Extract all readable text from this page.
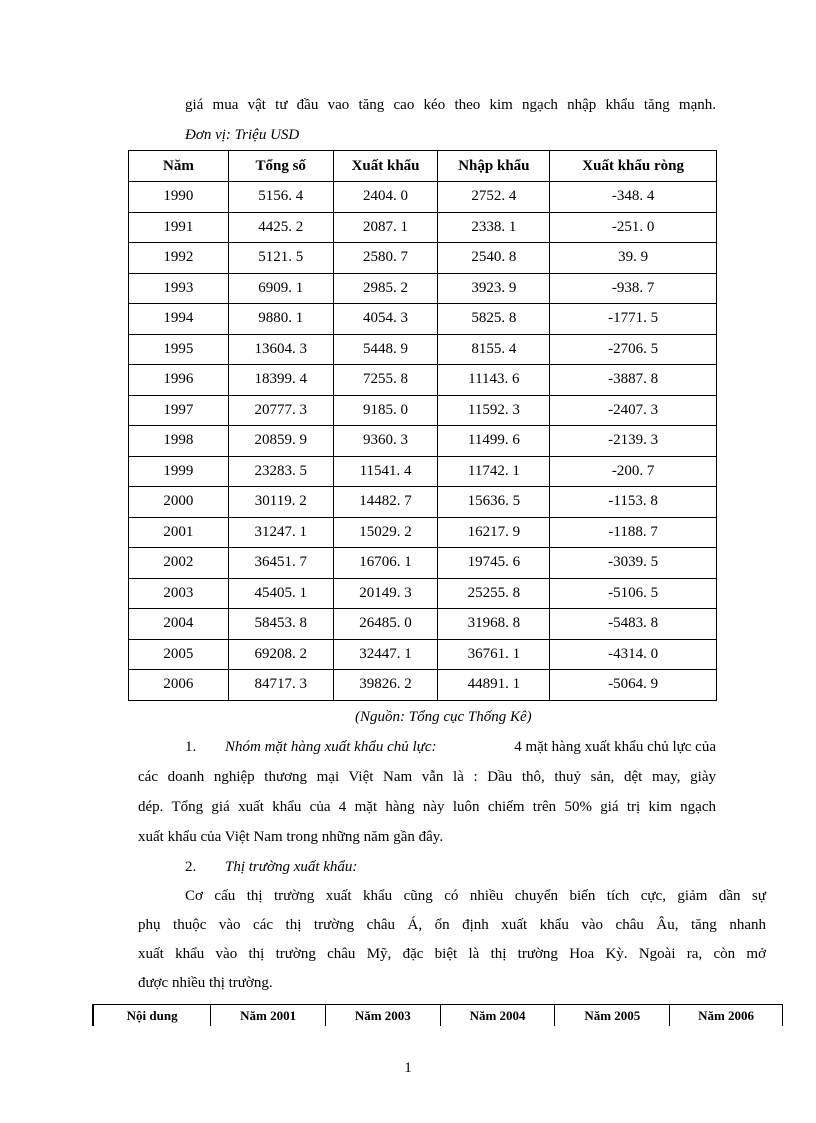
giá mua vật tư đầu vao tăng cao kéo theo kim ngạch nhập khẩu tăng mạnh.
Đơn vị: Triệu USD
Năm	Tổng số	Xuất khẩu	Nhập khẩu	Xuất khẩu ròng
1990	5156. 4	2404. 0	2752. 4	-348. 4
1991	4425. 2	2087. 1	2338. 1	-251. 0
1992	5121. 5	2580. 7	2540. 8	39. 9
1993	6909. 1	2985. 2	3923. 9	-938. 7
1994	9880. 1	4054. 3	5825. 8	-1771. 5
1995	13604. 3	5448. 9	8155. 4	-2706. 5
1996	18399. 4	7255. 8	11143. 6	-3887. 8
1997	20777. 3	9185. 0	11592. 3	-2407. 3
1998	20859. 9	9360. 3	11499. 6	-2139. 3
1999	23283. 5	11541. 4	11742. 1	-200. 7
2000	30119. 2	14482. 7	15636. 5	-1153. 8
2001	31247. 1	15029. 2	16217. 9	-1188. 7
2002	36451. 7	16706. 1	19745. 6	-3039. 5
2003	45405. 1	20149. 3	25255. 8	-5106. 5
2004	58453. 8	26485. 0	31968. 8	-5483. 8
2005	69208. 2	32447. 1	36761. 1	-4314. 0
2006	84717. 3	39826. 2	44891. 1	-5064. 9
(Nguồn: Tổng cục Thống Kê)
1. Nhóm mặt hàng xuất khẩu chủ lực:	4 mặt hàng xuất khẩu chủ lực của
các doanh nghiệp thương mại Việt Nam vẫn là : Dầu thô, thuỷ sản, dệt may, giày
dép. Tổng giá xuất khẩu của 4 mặt hàng này luôn chiếm trên 50% giá trị kim ngạch
xuất khẩu của Việt Nam trong những năm gần đây.
2. Thị trường xuất khẩu:
Cơ cấu thị trường xuất khẩu cũng có nhiều chuyển biến tích cực, giảm dần sự
phụ thuộc vào các thị trường châu Á, ổn định xuất khẩu vào châu Âu, tăng nhanh
xuất khẩu vào thị trường châu Mỹ, đặc biệt là thị trường Hoa Kỳ. Ngoài ra, còn mở
được nhiều thị trường.
Nội dung	Năm 2001	Năm 2003	Năm 2004	Năm 2005	Năm 2006
1
